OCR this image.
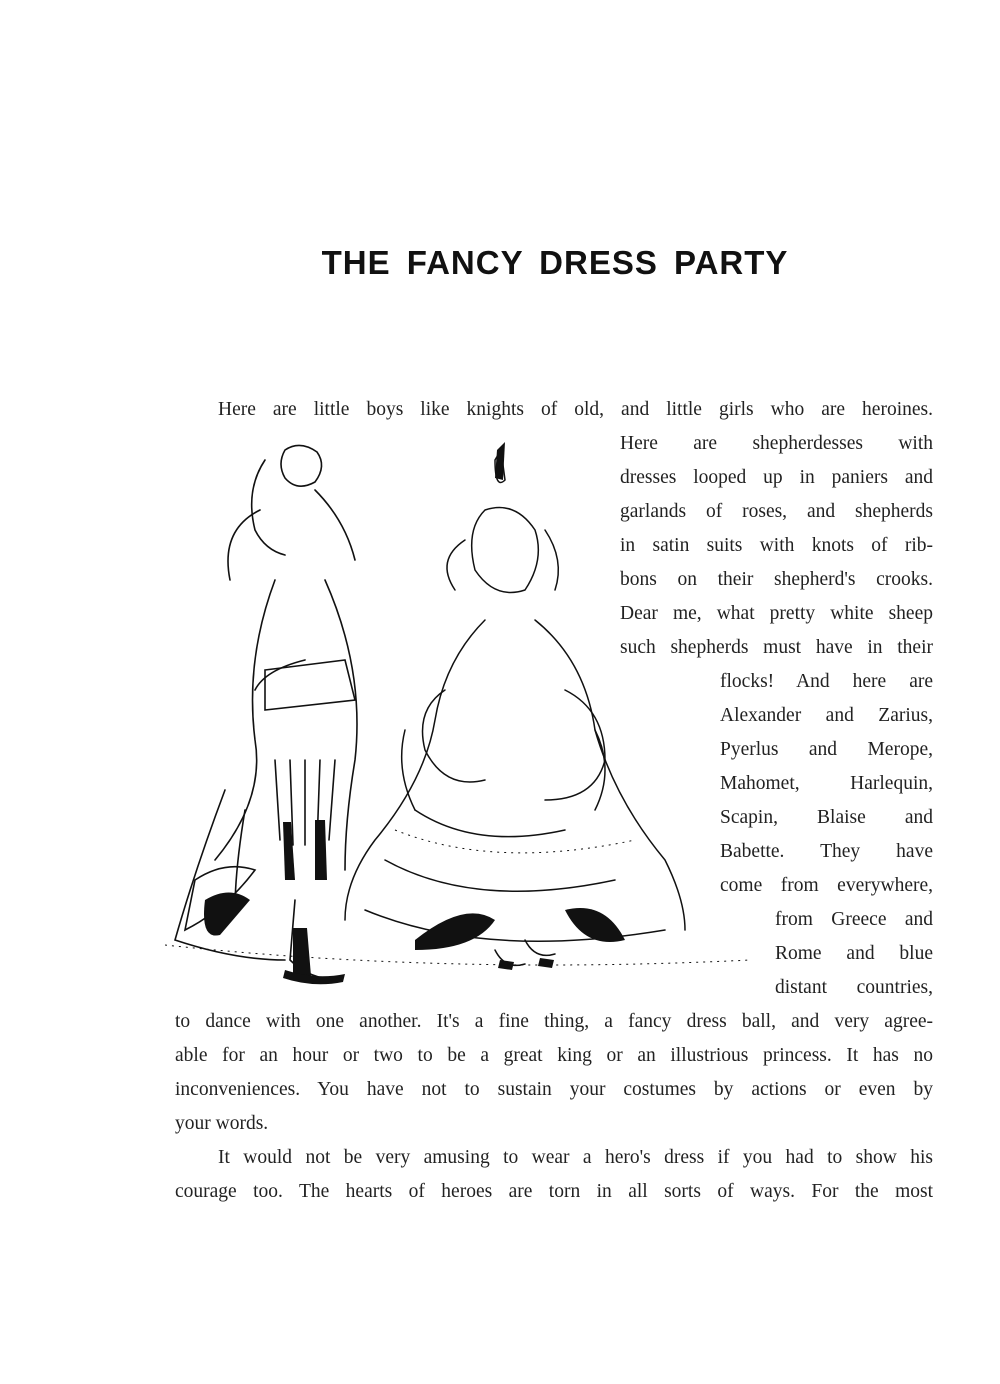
THE FANCY DRESS PARTY
Here are little boys like knights of old, and little girls who are heroines.
Here are shepherdesses with
dresses looped up in paniers and
garlands of roses, and shepherds
in satin suits with knots of rib-
bons on their shepherd's crooks.
Dear me, what pretty white sheep
such shepherds must have in their
flocks! And here are
Alexander and Zarius,
Pyerlus and Merope,
Mahomet, Harlequin,
Scapin, Blaise and
Babette. They have
come from everywhere,
from Greece and
Rome and blue
distant countries,
to dance with one another. It's a fine thing, a fancy dress ball, and very agree-
able for an hour or two to be a great king or an illustrious princess. It has no
inconveniences. You have not to sustain your costumes by actions or even by
your words.
It would not be very amusing to wear a hero's dress if you had to show his
courage too. The hearts of heroes are torn in all sorts of ways. For the most
